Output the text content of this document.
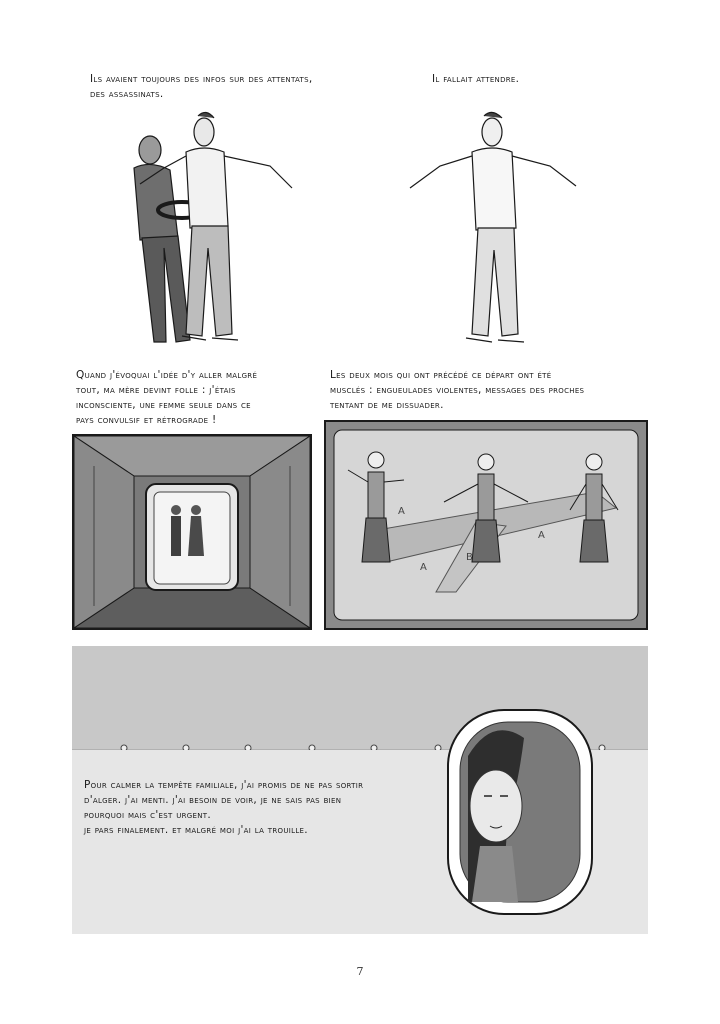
Ils avaient toujours des infos sur des attentats,
des assassinats.
Il fallait attendre.
Quand j'évoquai l'idée d'y aller malgré
tout, ma mère devint folle : j'étais
inconsciente, une femme seule dans ce
pays convulsif et rétrograde !
Les deux mois qui ont précédé ce départ ont été
musclés : engueulades violentes, messages des proches
tentant de me dissuader.
A
A
B
A
Pour calmer la tempête familiale, j'ai promis de ne pas sortir
d'alger. j'ai menti. j'ai besoin de voir, je ne sais pas bien
pourquoi mais c'est urgent.
je pars finalement. et malgré moi j'ai la trouille.
7
